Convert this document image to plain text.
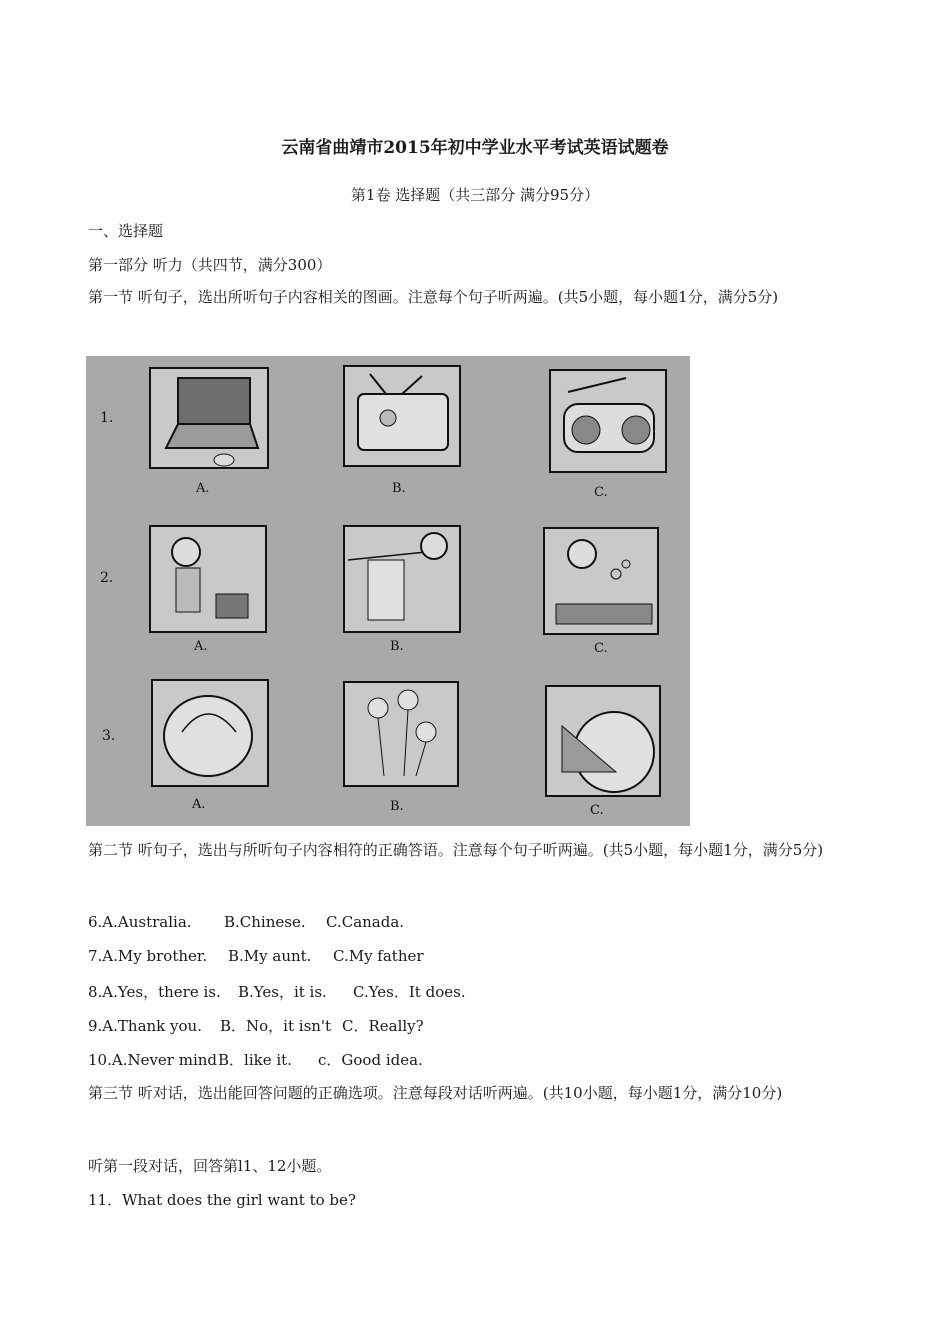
云南省曲靖市2015年初中学业水平考试英语试题卷

第1卷 选择题（共三部分 满分95分）

一、选择题

第一部分 听力（共四节，满分300）

第一节 听句子，选出所听句子内容相关的图画。注意每个句子听两遍。(共5小题，每小题1分，满分5分)

1.
A.	B.	C.
2.
A.	B.	C.
3.
A.	B.	C.

第二节 听句子，选出与所听句子内容相符的正确答语。注意每个句子听两遍。(共5小题，每小题1分，满分5分)

6.A.Australia. B.Chinese. C.Canada.

7.A.My brother. B.My aunt. C.My father

8.A.Yes，there is. B.Yes，it is. C.Yes．It does.

9.A.Thank you. B．No，it isn't C．Really?

10.A.Never mindB．like it. c．Good idea.

第三节 听对话，选出能回答问题的正确选项。注意每段对话听两遍。(共10小题，每小题1分，满分10分)

听第一段对话，回答第l1、12小题。

11．What does the girl want to be?
